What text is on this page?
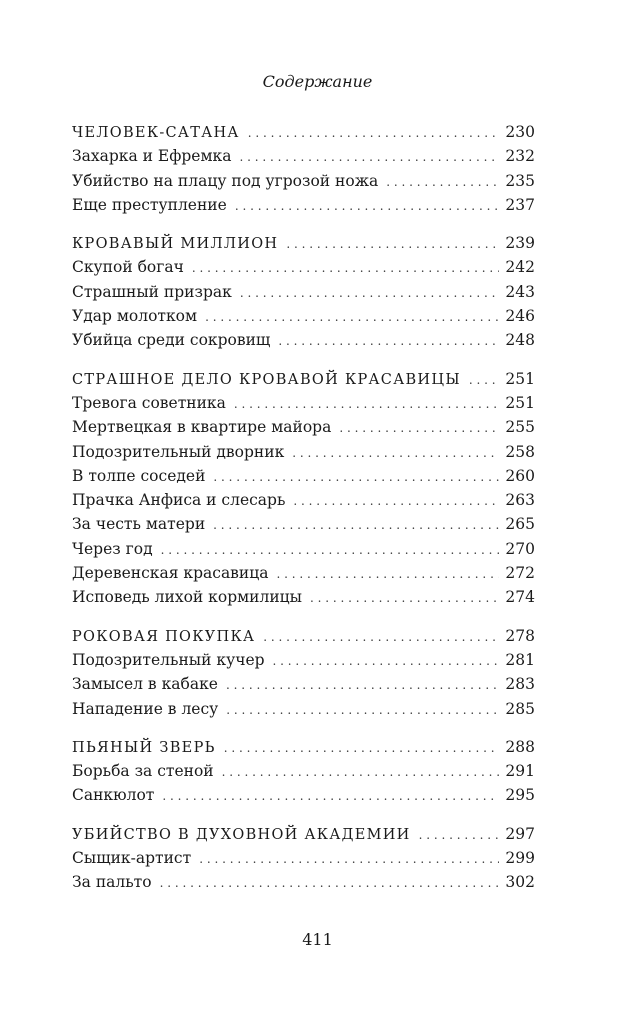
Содержание
ЧЕЛОВЕК-САТАНА . . .	230
Захарка и Ефремка . . .	232
Убийство на плацу под угрозой ножа . . .	235
Еще преступление . . .	237
КРОВАВЫЙ МИЛЛИОН . . .	239
Скупой богач . . .	242
Страшный призрак . . .	243
Удар молотком . . .	246
Убийца среди сокровищ . . .	248
СТРАШНОЕ ДЕЛО КРОВАВОЙ КРАСАВИЦЫ . . .	251
Тревога советника . . .	251
Мертвецкая в квартире майора . . .	255
Подозрительный дворник . . .	258
В толпе соседей . . .	260
Прачка Анфиса и слесарь . . .	263
За честь матери . . .	265
Через год . . .	270
Деревенская красавица . . .	272
Исповедь лихой кормилицы . . .	274
РОКОВАЯ ПОКУПКА . . .	278
Подозрительный кучер . . .	281
Замысел в кабаке . . .	283
Нападение в лесу . . .	285
ПЬЯНЫЙ ЗВЕРЬ . . .	288
Борьба за стеной . . .	291
Санкюлот . . .	295
УБИЙСТВО В ДУХОВНОЙ АКАДЕМИИ . . .	297
Сыщик-артист . . .	299
За пальто . . .	302
411
